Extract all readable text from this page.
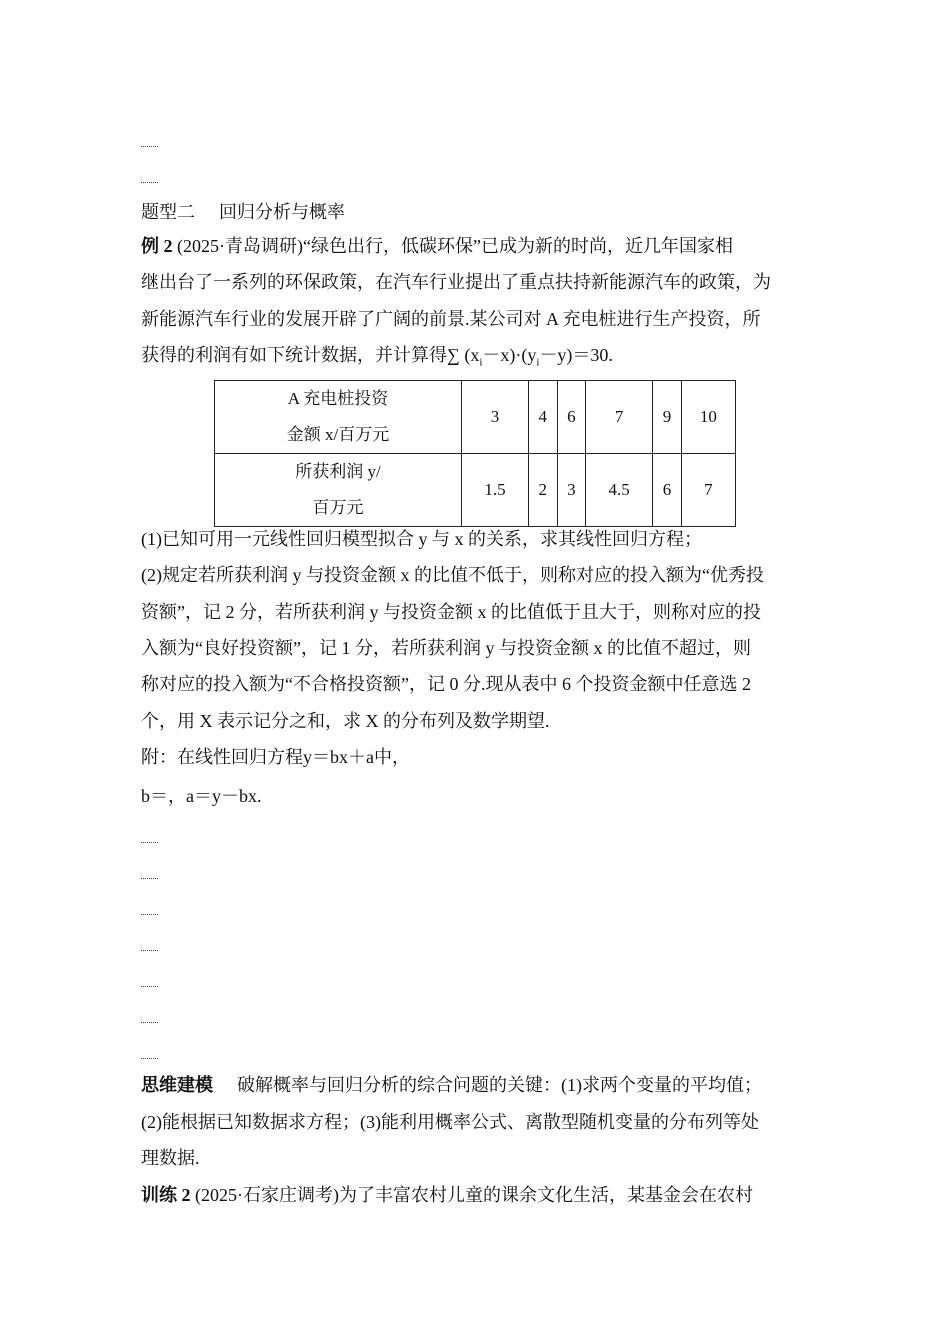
题型二 回归分析与概率
例 2 (2025·青岛调研)“绿色出行，低碳环保”已成为新的时尚，近几年国家相
继出台了一系列的环保政策，在汽车行业提出了重点扶持新能源汽车的政策，为
新能源汽车行业的发展开辟了广阔的前景.某公司对 A 充电桩进行生产投资，所
获得的利润有如下统计数据，并计算得∑ $(x_i-x)\cdot(y_i-y)=30$.
A 充电桩投资
金额 x/百万元	3	4	6	7	9	10

所获利润 y/
百万元	1.5	2	3	4.5	6	7
(1)已知可用一元线性回归模型拟合 y 与 x 的关系，求其线性回归方程；
(2)规定若所获利润 y 与投资金额 x 的比值不低于，则称对应的投入额为“优秀投
资额”，记 2 分，若所获利润 y 与投资金额 x 的比值低于且大于，则称对应的投
入额为“良好投资额”，记 1 分，若所获利润 y 与投资金额 x 的比值不超过，则
称对应的投入额为“不合格投资额”，记 0 分.现从表中 6 个投资金额中任意选 2
个，用 X 表示记分之和，求 X 的分布列及数学期望.
附：在线性回归方程y＝bx＋a中，
b＝，a＝y－bx.
思维建模 破解概率与回归分析的综合问题的关键：(1)求两个变量的平均值；
(2)能根据已知数据求方程；(3)能利用概率公式、离散型随机变量的分布列等处
理数据.
训练 2 (2025·石家庄调考)为了丰富农村儿童的课余文化生活，某基金会在农村
